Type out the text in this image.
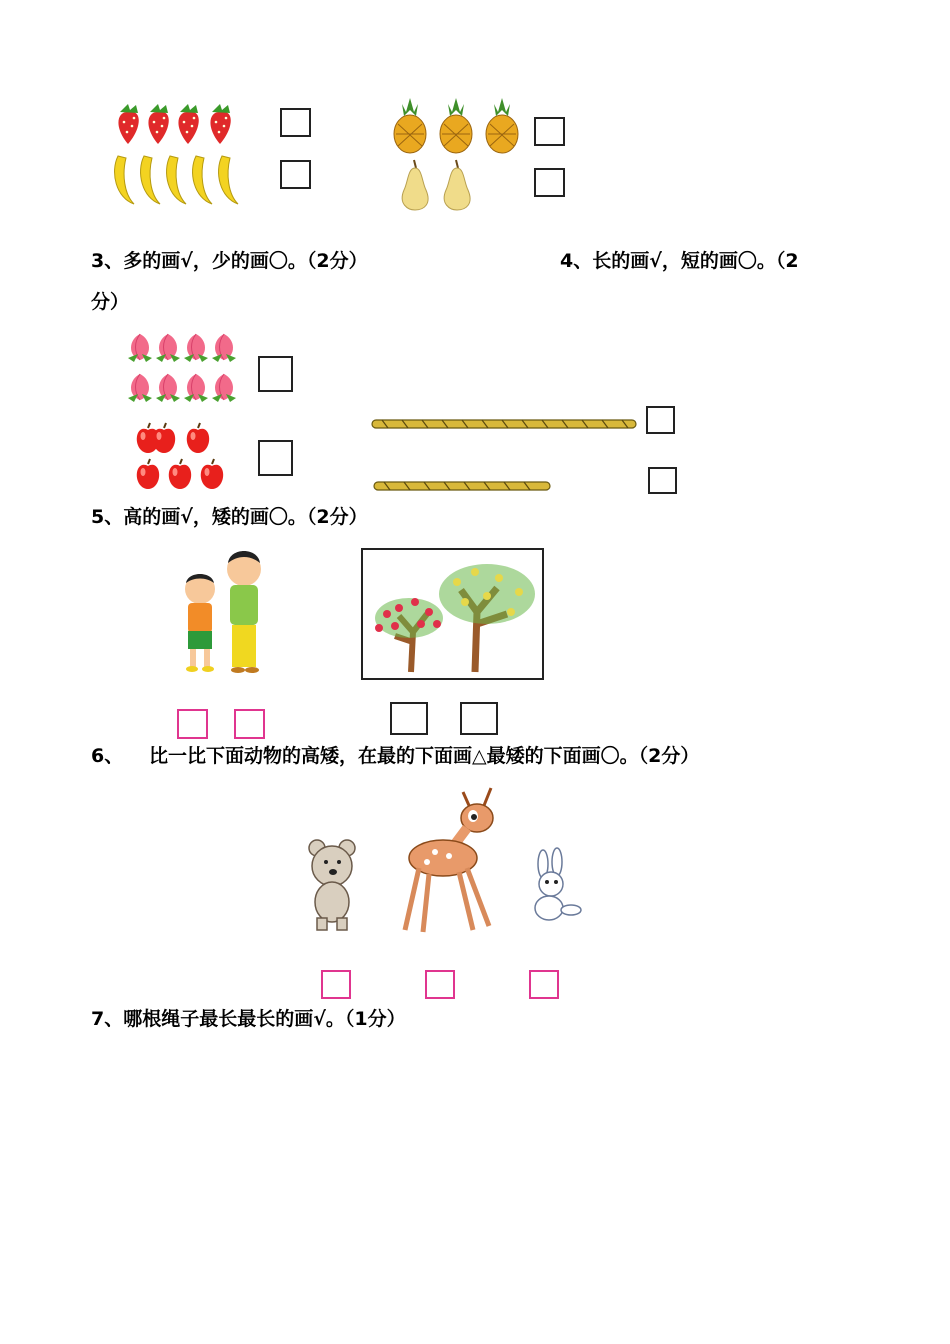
3、多的画√，少的画〇。（2分）	4、长的画√，短的画〇。（2
分）
5、高的画√，矮的画〇。（2分）
6、 比一比下面动物的高矮，在最的下面画△最矮的下面画〇。（2分）
7、哪根绳子最长最长的画√。（1分）
